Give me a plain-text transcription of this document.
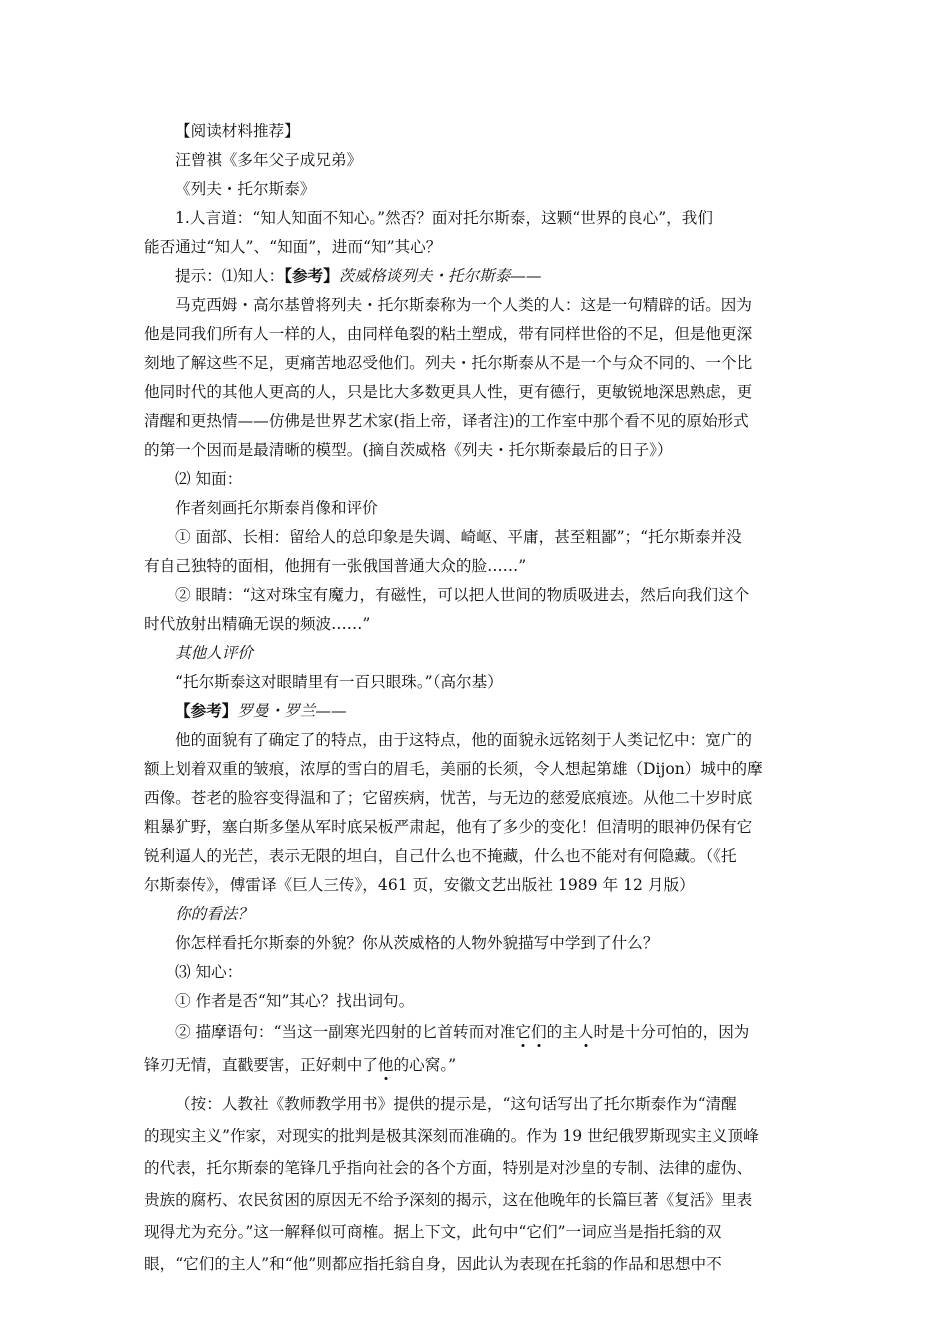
【阅读材料推荐】
汪曾祺《多年父子成兄弟》
《列夫・托尔斯泰》
1.人言道：“知人知面不知心。”然否？面对托尔斯泰，这颗“世界的良心”，我们
能否通过“知人”、“知面”，进而“知”其心？
提示：⑴知人：【参考】茨威格谈列夫・托尔斯泰——
马克西姆・高尔基曾将列夫・托尔斯泰称为一个人类的人：这是一句精辟的话。因为
他是同我们所有人一样的人，由同样龟裂的粘土塑成，带有同样世俗的不足，但是他更深
刻地了解这些不足，更痛苦地忍受他们。列夫・托尔斯泰从不是一个与众不同的、一个比
他同时代的其他人更高的人，只是比大多数更具人性，更有德行，更敏锐地深思熟虑，更
清醒和更热情——仿佛是世界艺术家(指上帝，译者注)的工作室中那个看不见的原始形式
的第一个因而是最清晰的模型。(摘自茨威格《列夫・托尔斯泰最后的日子》）
⑵ 知面：
作者刻画托尔斯泰肖像和评价
① 面部、长相：留给人的总印象是失调、崎岖、平庸，甚至粗鄙”；“托尔斯泰并没
有自己独特的面相，他拥有一张俄国普通大众的脸……”
② 眼睛：“这对珠宝有魔力，有磁性，可以把人世间的物质吸进去，然后向我们这个
时代放射出精确无误的频波……”
其他人评价
“托尔斯泰这对眼睛里有一百只眼珠。”（高尔基）
【参考】罗曼・罗兰——
他的面貌有了确定了的特点，由于这特点，他的面貌永远铭刻于人类记忆中：宽广的
额上划着双重的皱痕，浓厚的雪白的眉毛，美丽的长须，令人想起第雄（Dijon）城中的摩
西像。苍老的脸容变得温和了；它留疾病，忧苦，与无边的慈爱底痕迹。从他二十岁时底
粗暴犷野，塞白斯多堡从军时底呆板严肃起，他有了多少的变化！但清明的眼神仍保有它
锐利逼人的光芒，表示无限的坦白，自己什么也不掩藏，什么也不能对有何隐藏。（《托
尔斯泰传》，傅雷译《巨人三传》，461 页，安徽文艺出版社 1989 年 12 月版）
你的看法？
你怎样看托尔斯泰的外貌？你从茨威格的人物外貌描写中学到了什么？
⑶ 知心：
① 作者是否“知”其心？找出词句。
② 描摩语句：“当这一副寒光四射的匕首转而对准它们的主人时是十分可怕的，因为
锋刃无情，直戳要害，正好刺中了他的心窝。”
（按：人教社《教师教学用书》提供的提示是，“这句话写出了托尔斯泰作为“清醒
的现实主义”作家，对现实的批判是极其深刻而准确的。作为 19 世纪俄罗斯现实主义顶峰
的代表，托尔斯泰的笔锋几乎指向社会的各个方面，特别是对沙皇的专制、法律的虚伪、
贵族的腐朽、农民贫困的原因无不给予深刻的揭示，这在他晚年的长篇巨著《复活》里表
现得尤为充分。”这一解释似可商榷。据上下文，此句中“它们”一词应当是指托翁的双
眼，“它们的主人”和“他”则都应指托翁自身，因此认为表现在托翁的作品和思想中不
